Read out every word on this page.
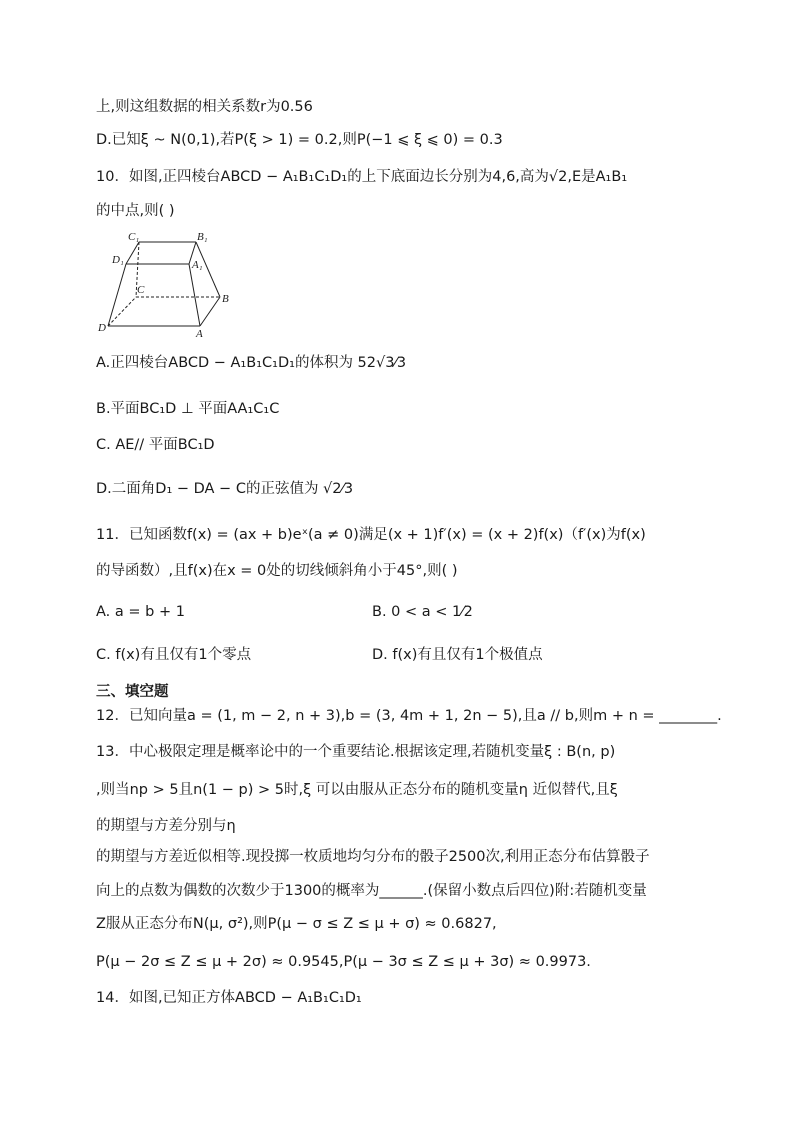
上,则这组数据的相关系数r为0.56
D.已知ξ ~ N(0,1),若P(ξ > 1) = 0.2,则P(−1 ⩽ ξ ⩽ 0) = 0.3
10．如图,正四棱台ABCD − A₁B₁C₁D₁的上下底面边长分别为4,6,高为√2,E是A₁B₁
的中点,则( )
C₁	B₁
D₁	A₁
C
B
D	A
A.正四棱台ABCD − A₁B₁C₁D₁的体积为 52√3⁄3
B.平面BC₁D ⊥ 平面AA₁C₁C
C. AE// 平面BC₁D
D.二面角D₁ − DA − C的正弦值为 √2⁄3
11．已知函数f(x) = (ax + b)eˣ(a ≠ 0)满足(x + 1)f′(x) = (x + 2)f(x)（f′(x)为f(x)
的导函数）,且f(x)在x = 0处的切线倾斜角小于45°,则( )
A. a = b + 1	B. 0 < a < 1⁄2
C. f(x)有且仅有1个零点	D. f(x)有且仅有1个极值点
三、填空题
12．已知向量a = (1, m − 2, n + 3),b = (3, 4m + 1, 2n − 5),且a // b,则m + n = ________.
13．中心极限定理是概率论中的一个重要结论.根据该定理,若随机变量ξ : B(n, p)
,则当np > 5且n(1 − p) > 5时,ξ 可以由服从正态分布的随机变量η 近似替代,且ξ
的期望与方差分别与η
的期望与方差近似相等.现投掷一枚质地均匀分布的骰子2500次,利用正态分布估算骰子
向上的点数为偶数的次数少于1300的概率为______.(保留小数点后四位)附:若随机变量
Z服从正态分布N(μ, σ²),则P(μ − σ ≤ Z ≤ μ + σ) ≈ 0.6827,
P(μ − 2σ ≤ Z ≤ μ + 2σ) ≈ 0.9545,P(μ − 3σ ≤ Z ≤ μ + 3σ) ≈ 0.9973.
14．如图,已知正方体ABCD − A₁B₁C₁D₁
